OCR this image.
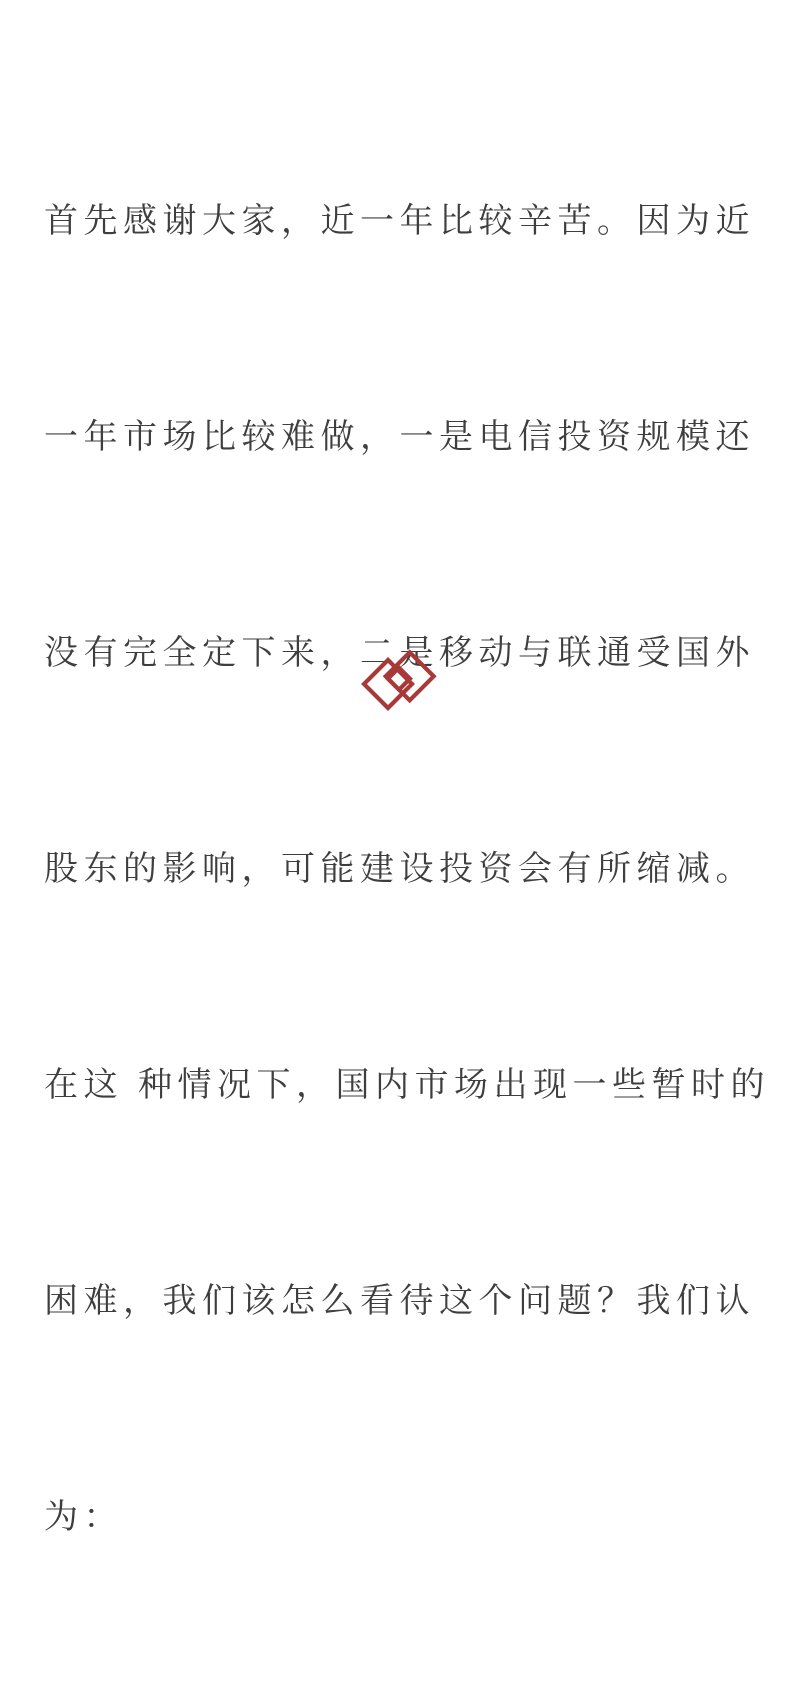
首先感谢大家，近一年比较辛苦。因为近

一年市场比较难做，一是电信投资规模还

没有完全定下来，二是移动与联通受国外

股东的影响，可能建设投资会有所缩减。

在这 种情况下，国内市场出现一些暂时的

困难，我们该怎么看待这个问题？我们认

为：
